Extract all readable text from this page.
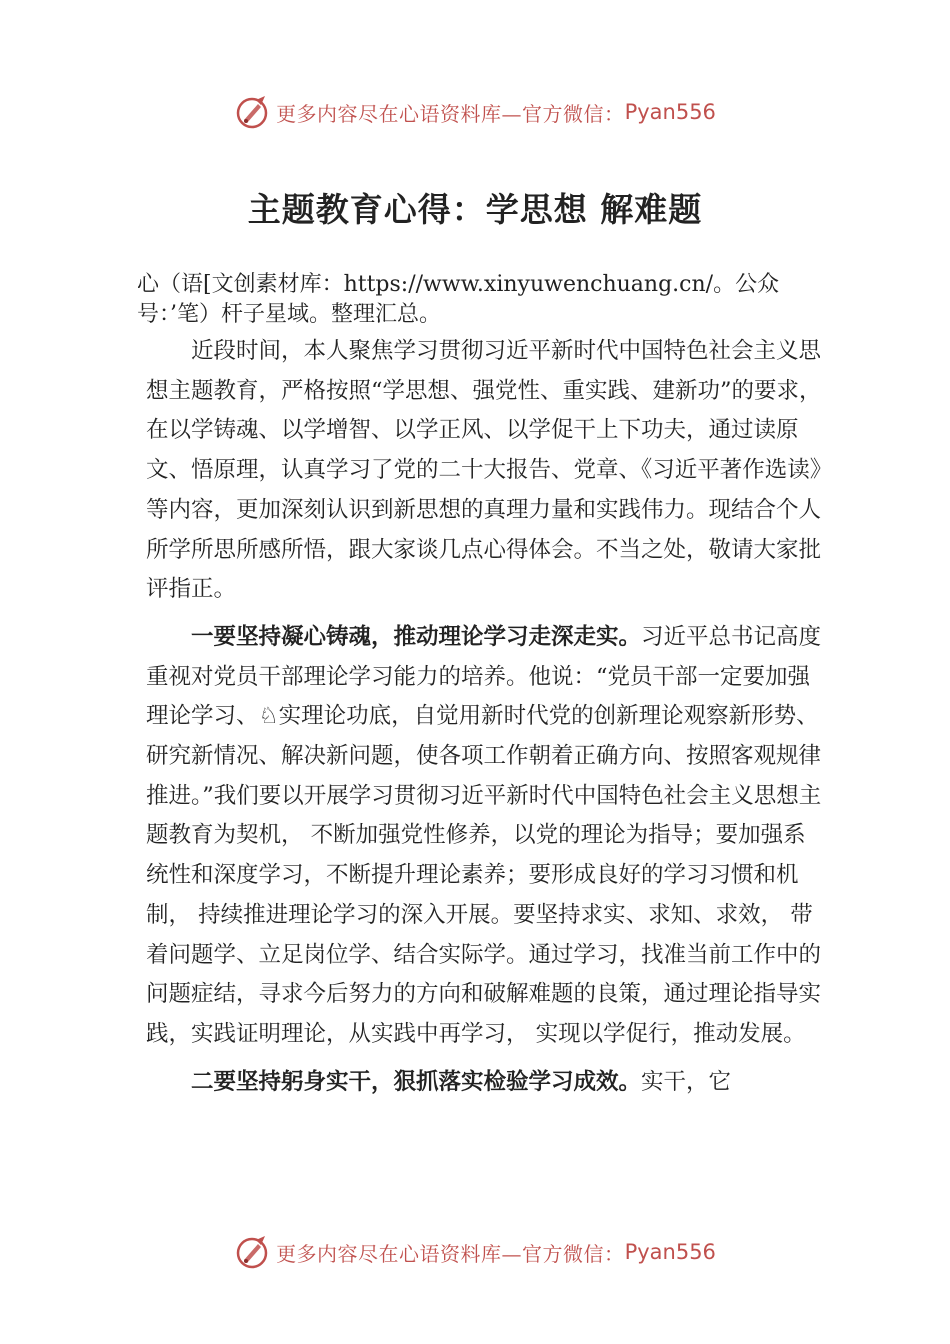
更多内容尽在心语资料库—官方微信： Pyan556
主题教育心得：学思想 解难题
心（语[文创素材库：https://www.xinyuwenchuang.cn/。公众号：’笔）杆子星域。整理汇总。

近段时间，本人聚焦学习贯彻习近平新时代中国特色社会主义思想主题教育，严格按照“学思想、强党性、重实践、建新功”的要求，在以学铸魂、以学增智、以学正风、以学促干上下功夫，通过读原文、悟原理，认真学习了党的二十大报告、党章、《习近平著作选读》等内容，更加深刻认识到新思想的真理力量和实践伟力。现结合个人所学所思所感所悟，跟大家谈几点心得体会。不当之处，敬请大家批评指正。

一要坚持凝心铸魂，推动理论学习走深走实。习近平总书记高度重视对党员干部理论学习能力的培养。他说：“党员干部一定要加强理论学习、♘实理论功底，自觉用新时代党的创新理论观察新形势、研究新情况、解决新问题，使各项工作朝着正确方向、按照客观规律推进。”我们要以开展学习贯彻习近平新时代中国特色社会主义思想主题教育为契机， 不断加强党性修养，以党的理论为指导；要加强系统性和深度学习，不断提升理论素养；要形成良好的学习习惯和机制， 持续推进理论学习的深入开展。要坚持求实、求知、求效， 带着问题学、立足岗位学、结合实际学。通过学习，找准当前工作中的问题症结，寻求今后努力的方向和破解难题的良策，通过理论指导实践，实践证明理论，从实践中再学习， 实现以学促行，推动发展。

二要坚持躬身实干，狠抓落实检验学习成效。实干，它

更多内容尽在心语资料库—官方微信： Pyan556
